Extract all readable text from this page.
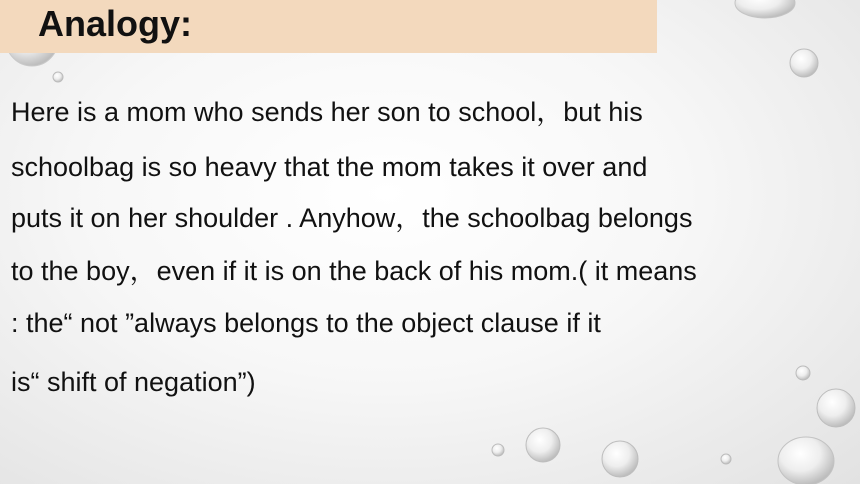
Analogy:
Here is a mom who sends her son to school，but his
schoolbag is so heavy that the mom takes it over and
puts it on her shoulder . Anyhow，the schoolbag belongs
to the boy，even if it is on the back of his mom.( it means
: the“ not ”always belongs to the object clause if it
is“ shift of negation”)
